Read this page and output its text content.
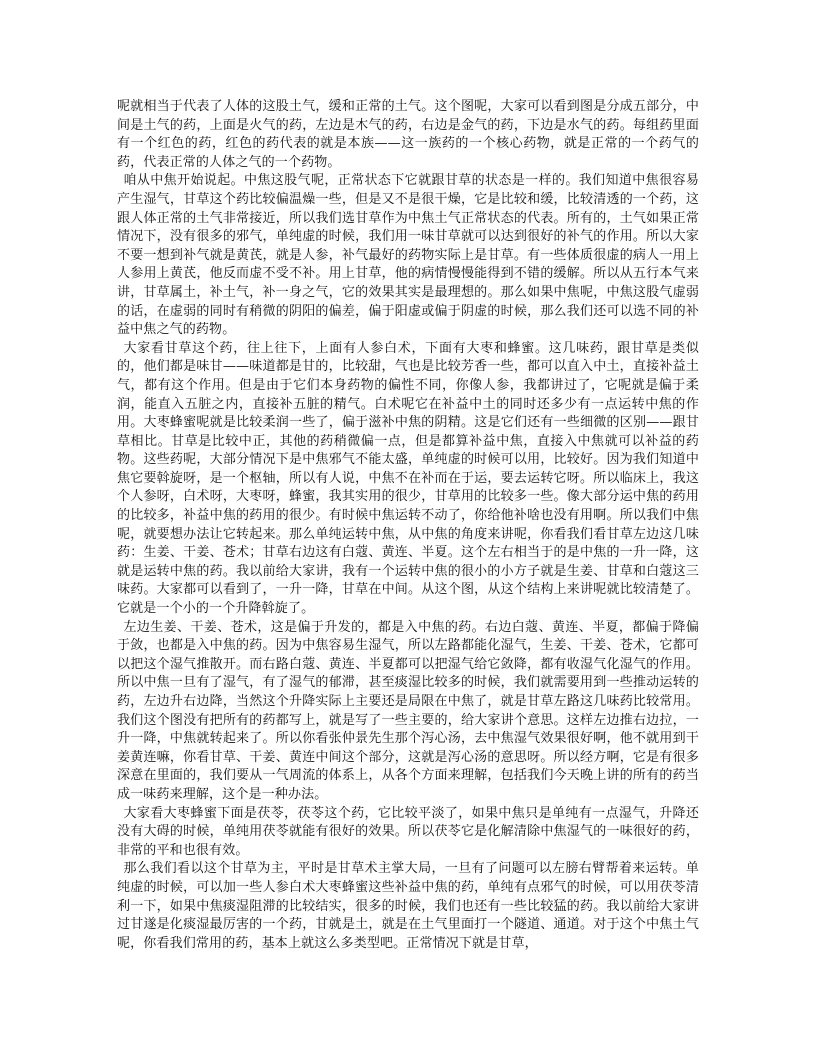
呢就相当于代表了人体的这股土气，缓和正常的土气。这个图呢，大家可以看到图是分成五部分，中间是土气的药，上面是火气的药，左边是木气的药，右边是金气的药，下边是水气的药。每组药里面有一个红色的药，红色的药代表的就是本族——这一族药的一个核心药物，就是正常的一个药气的药，代表正常的人体之气的一个药物。

咱从中焦开始说起。中焦这股气呢，正常状态下它就跟甘草的状态是一样的。我们知道中焦很容易产生湿气，甘草这个药比较偏温燥一些，但是又不是很干燥，它是比较和缓，比较清透的一个药，这跟人体正常的土气非常接近，所以我们选甘草作为中焦土气正常状态的代表。所有的，土气如果正常情况下，没有很多的邪气，单纯虚的时候，我们用一味甘草就可以达到很好的补气的作用。所以大家不要一想到补气就是黄芪，就是人参，补气最好的药物实际上是甘草。有一些体质很虚的病人一用上人参用上黄芪，他反而虚不受不补。用上甘草，他的病情慢慢能得到不错的缓解。所以从五行本气来讲，甘草属土，补土气，补一身之气，它的效果其实是最理想的。那么如果中焦呢，中焦这股气虚弱的话，在虚弱的同时有稍微的阴阳的偏差，偏于阳虚或偏于阴虚的时候，那么我们还可以选不同的补益中焦之气的药物。

大家看甘草这个药，往上往下，上面有人参白术，下面有大枣和蜂蜜。这几味药，跟甘草是类似的，他们都是味甘——味道都是甘的，比较甜，气也是比较芳香一些，都可以直入中土，直接补益土气，都有这个作用。但是由于它们本身药物的偏性不同，你像人参，我都讲过了，它呢就是偏于柔润，能直入五脏之内，直接补五脏的精气。白术呢它在补益中土的同时还多少有一点运转中焦的作用。大枣蜂蜜呢就是比较柔润一些了，偏于滋补中焦的阴精。这是它们还有一些细微的区别——跟甘草相比。甘草是比较中正，其他的药稍微偏一点，但是都算补益中焦，直接入中焦就可以补益的药物。这些药呢，大部分情况下是中焦邪气不能太盛，单纯虚的时候可以用，比较好。因为我们知道中焦它要斡旋呀，是一个枢轴，所以有人说，中焦不在补而在于运，要去运转它呀。所以临床上，我这个人参呀，白术呀，大枣呀，蜂蜜，我其实用的很少，甘草用的比较多一些。像大部分运中焦的药用的比较多，补益中焦的药用的很少。有时候中焦运转不动了，你给他补啥也没有用啊。所以我们中焦呢，就要想办法让它转起来。那么单纯运转中焦，从中焦的角度来讲呢，你看我们看甘草左边这几味药：生姜、干姜、苍术；甘草右边这有白蔻、黄连、半夏。这个左右相当于的是中焦的一升一降，这就是运转中焦的药。我以前给大家讲，我有一个运转中焦的很小的小方子就是生姜、甘草和白蔻这三味药。大家都可以看到了，一升一降，甘草在中间。从这个图，从这个结构上来讲呢就比较清楚了。它就是一个小的一个升降斡旋了。

左边生姜、干姜、苍术，这是偏于升发的，都是入中焦的药。右边白蔻、黄连、半夏，都偏于降偏于敛，也都是入中焦的药。因为中焦容易生湿气，所以左路都能化湿气，生姜、干姜、苍术，它都可以把这个湿气推散开。而右路白蔻、黄连、半夏都可以把湿气给它敛降，都有收湿气化湿气的作用。所以中焦一旦有了湿气，有了湿气的郁滞，甚至痰湿比较多的时候，我们就需要用到一些推动运转的药，左边升右边降，当然这个升降实际上主要还是局限在中焦了，就是甘草左路这几味药比较常用。我们这个图没有把所有的药都写上，就是写了一些主要的，给大家讲个意思。这样左边推右边拉，一升一降，中焦就转起来了。所以你看张仲景先生那个泻心汤，去中焦湿气效果很好啊，他不就用到干姜黄连嘛，你看甘草、干姜、黄连中间这个部分，这就是泻心汤的意思呀。所以经方啊，它是有很多深意在里面的，我们要从一气周流的体系上，从各个方面来理解，包括我们今天晚上讲的所有的药当成一味药来理解，这个是一种办法。

大家看大枣蜂蜜下面是茯苓，茯苓这个药，它比较平淡了，如果中焦只是单纯有一点湿气，升降还没有大碍的时候，单纯用茯苓就能有很好的效果。所以茯苓它是化解清除中焦湿气的一味很好的药，非常的平和也很有效。

那么我们看以这个甘草为主，平时是甘草术主掌大局，一旦有了问题可以左膀右臂帮着来运转。单纯虚的时候，可以加一些人参白术大枣蜂蜜这些补益中焦的药，单纯有点邪气的时候，可以用茯苓清利一下，如果中焦痰湿阻滞的比较结实，很多的时候，我们也还有一些比较猛的药。我以前给大家讲过甘遂是化痰湿最厉害的一个药，甘就是土，就是在土气里面打一个隧道、通道。对于这个中焦土气呢，你看我们常用的药，基本上就这么多类型吧。正常情况下就是甘草，
